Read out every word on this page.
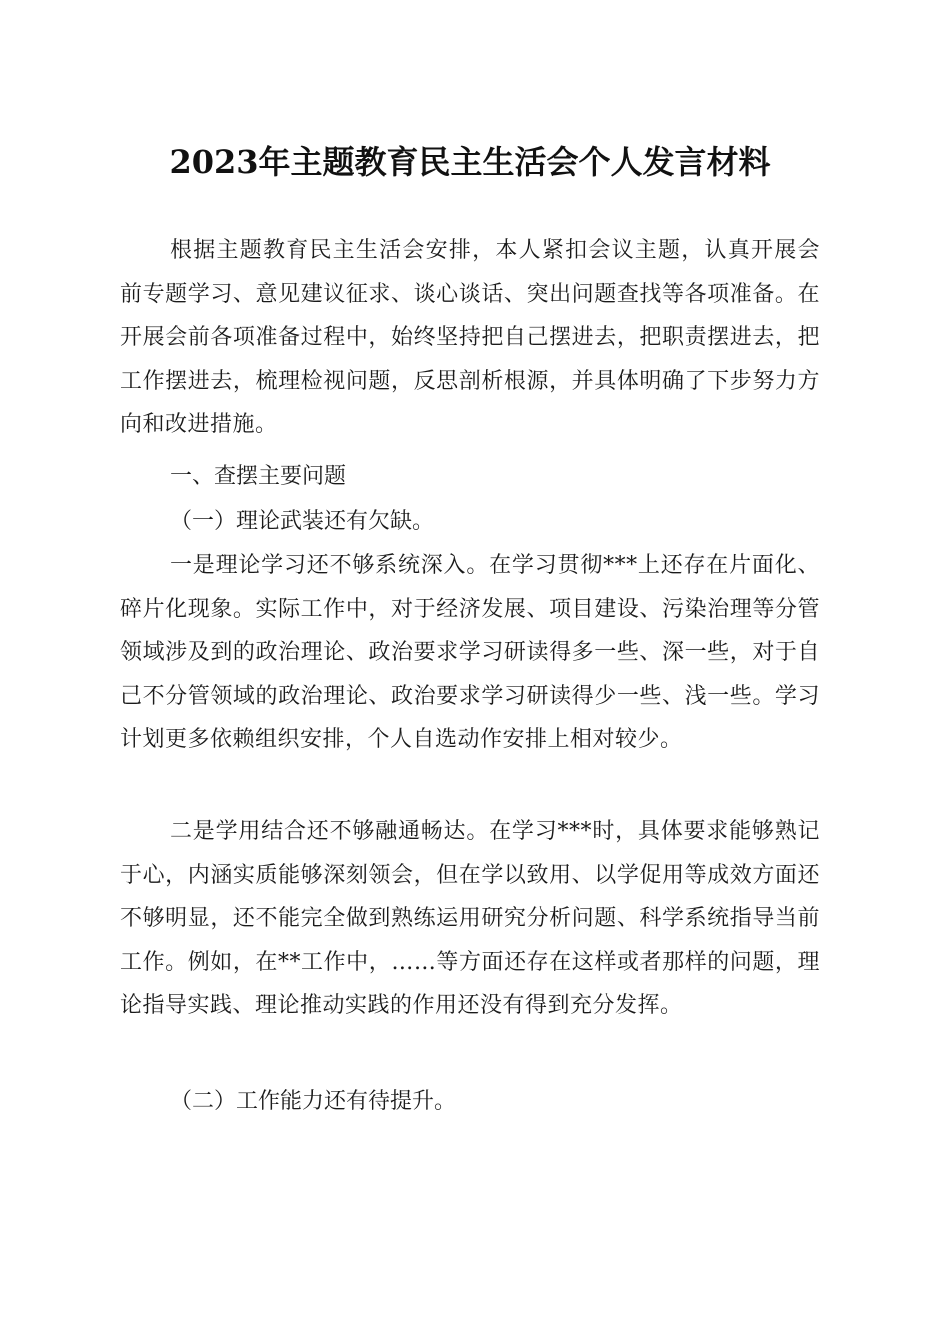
2023年主题教育民主生活会个人发言材料

根据主题教育民主生活会安排，本人紧扣会议主题，认真开展会前专题学习、意见建议征求、谈心谈话、突出问题查找等各项准备。在开展会前各项准备过程中，始终坚持把自己摆进去，把职责摆进去，把工作摆进去，梳理检视问题，反思剖析根源，并具体明确了下步努力方向和改进措施。

一、查摆主要问题
（一）理论武装还有欠缺。

一是理论学习还不够系统深入。在学习贯彻***上还存在片面化、碎片化现象。实际工作中，对于经济发展、项目建设、污染治理等分管领域涉及到的政治理论、政治要求学习研读得多一些、深一些，对于自己不分管领域的政治理论、政治要求学习研读得少一些、浅一些。学习计划更多依赖组织安排，个人自选动作安排上相对较少。

二是学用结合还不够融通畅达。在学习***时，具体要求能够熟记于心，内涵实质能够深刻领会，但在学以致用、以学促用等成效方面还不够明显，还不能完全做到熟练运用研究分析问题、科学系统指导当前工作。例如，在**工作中，……等方面还存在这样或者那样的问题，理论指导实践、理论推动实践的作用还没有得到充分发挥。

（二）工作能力还有待提升。
